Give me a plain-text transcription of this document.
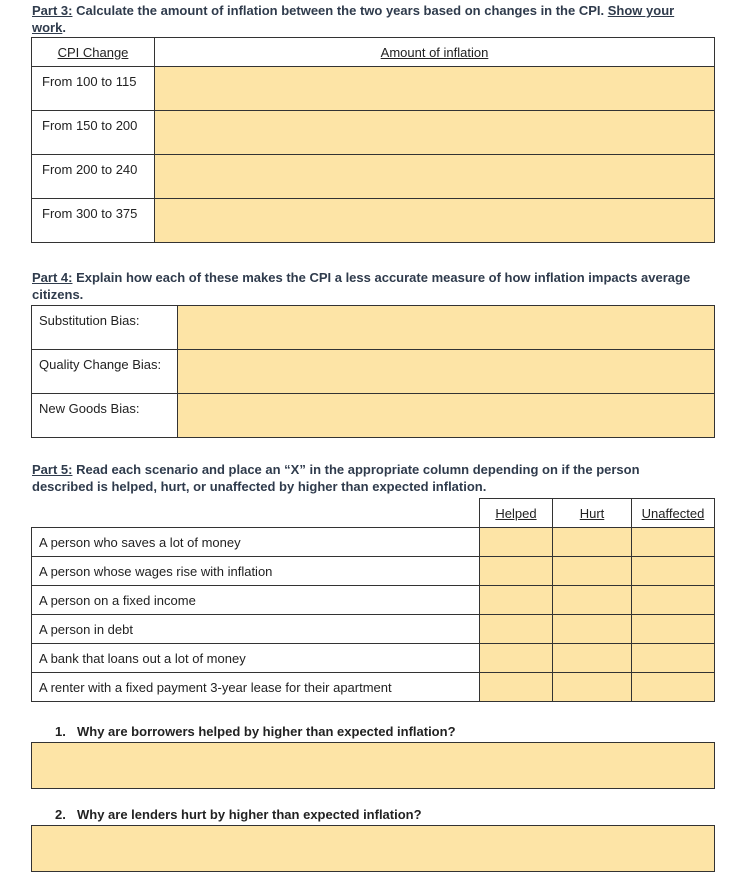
Part 3: Calculate the amount of inflation between the two years based on changes in the CPI. Show your
work.
CPI Change	Amount of inflation
From 100 to 115	
From 150 to 200	
From 200 to 240	
From 300 to 375	
Part 4: Explain how each of these makes the CPI a less accurate measure of how inflation impacts average
citizens.
Substitution Bias:	
Quality Change Bias:	
New Goods Bias:	
Part 5: Read each scenario and place an “X” in the appropriate column depending on if the person
described is helped, hurt, or unaffected by higher than expected inflation.
	Helped	Hurt	Unaffected
A person who saves a lot of money			
A person whose wages rise with inflation			
A person on a fixed income			
A person in debt			
A bank that loans out a lot of money			
A renter with a fixed payment 3-year lease for their apartment			
1. Why are borrowers helped by higher than expected inflation?
2. Why are lenders hurt by higher than expected inflation?
